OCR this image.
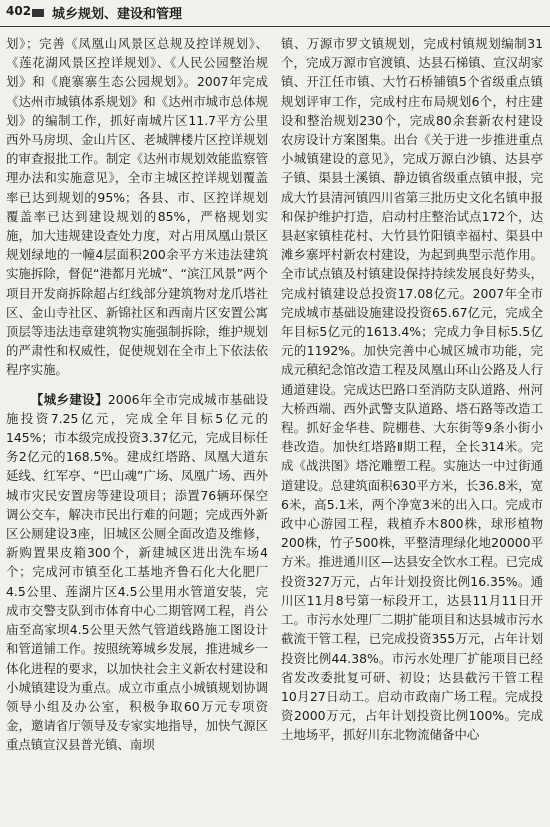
402 城乡规划、建设和管理

划》；完善《凤凰山风景区总规及控详规划》、《莲花湖风景区控详规划》、《人民公园整治规划》和《鹿寨寨生态公园规划》。2007年完成《达州市城镇体系规划》和《达州市城市总体规划》的编制工作，抓好南城片区11.7平方公里西外马房坝、金山片区、老城牌楼片区控详规划的审查报批工作。制定《达州市规划效能监察管理办法和实施意见》，全市主城区控详规划覆盖率已达到规划的95%；各县、市、区控详规划覆盖率已达到建设规划的85%，严格规划实施，加大违规建设查处力度，对占用凤凰山景区规划绿地的一幢4层面积200余平方米违法建筑实施拆除，督促“港都月光城”、“滨江风景”两个项目开发商拆除超占红线部分建筑物对龙爪塔社区、金山寺社区、新锦社区和西南片区安置公寓顶层等违法违章建筑物实施强制拆除，维护规划的严肃性和权威性，促使规划在全市上下依法依程序实施。

【城乡建设】2006年全市完成城市基础设施投资7.25亿元，完成全年目标5亿元的145%；市本级完成投资3.37亿元，完成目标任务2亿元的168.5%。建成红塔路、凤凰大道东延线、红军亭、“巴山魂”广场、凤凰广场、西外城市灾民安置房等建设项目；添置76辆环保空调公交车，解决市民出行难的问题；完成西外新区公厕建设3座，旧城区公厕全面改造及维修，新购置果皮箱300个，新建城区进出洗车场4个；完成河市镇至化工基地齐鲁石化大化肥厂4.5公里、莲湖片区4.5公里用水管道安装，完成市交警支队到市体育中心二期管网工程，肖公庙至高家坝4.5公里天然气管道线路施工图设计和管道铺工作。按照统筹城乡发展，推进城乡一体化进程的要求，以加快社会主义新农村建设和小城镇建设为重点。成立市重点小城镇规划协调领导小组及办公室，积极争取60万元专项资金，邀请省厅领导及专家实地指导，加快气源区重点镇宣汉县普光镇、南坝

镇、万源市罗文镇规划，完成村镇规划编制31个，完成万源市官渡镇、达县石梯镇、宣汉胡家镇、开江任市镇、大竹石桥铺镇5个省级重点镇规划评审工作，完成村庄布局规划6个，村庄建设和整治规划230个，完成80余套新农村建设农房设计方案图集。出台《关于进一步推进重点小城镇建设的意见》，完成万源白沙镇、达县亭子镇、渠县土溪镇、静边镇省级重点镇申报，完成大竹县清河镇四川省第三批历史文化名镇申报和保护维护打造，启动村庄整治试点172个，达县赵家镇桂花村、大竹县竹阳镇幸福村、渠县中滩乡寨坪村新农村建设，为起到典型示范作用。全市试点镇及村镇建设保持持续发展良好势头，完成村镇建设总投资17.08亿元。2007年全市完成城市基础设施建设投资65.67亿元，完成全年目标5亿元的1613.4%；完成力争目标5.5亿元的1192%。加快完善中心城区城市功能，完成元稹纪念馆改造工程及凤凰山环山公路及人行通道建设。完成达巴路口至消防支队道路、州河大桥西端、西外武警支队道路、塔石路等改造工程。抓好金华巷、院棚巷、大东街等9条小街小巷改造。加快红塔路Ⅱ期工程，全长314米。完成《战洪图》塔沱雕塑工程。实施达一中过街通道建设。总建筑面积630平方米，长36.8米，宽6米，高5.1米，两个净宽3米的出入口。完成市政中心游园工程，栽植乔木800株，球形植物200株，竹子500株，平整清理绿化地20000平方米。推进通川区—达县安全饮水工程。已完成投资327万元，占年计划投资比例16.35%。通川区11月8号第一标段开工，达县11月11日开工。市污水处理厂二期扩能项目和达县城市污水截流干管工程，已完成投资355万元，占年计划投资比例44.38%。市污水处理厂扩能项目已经省发改委批复可研、初设；达县截污干管工程10月27日动工。启动市政南广场工程。完成投资2000万元，占年计划投资比例100%。完成土地场平，抓好川东北物流储备中心
